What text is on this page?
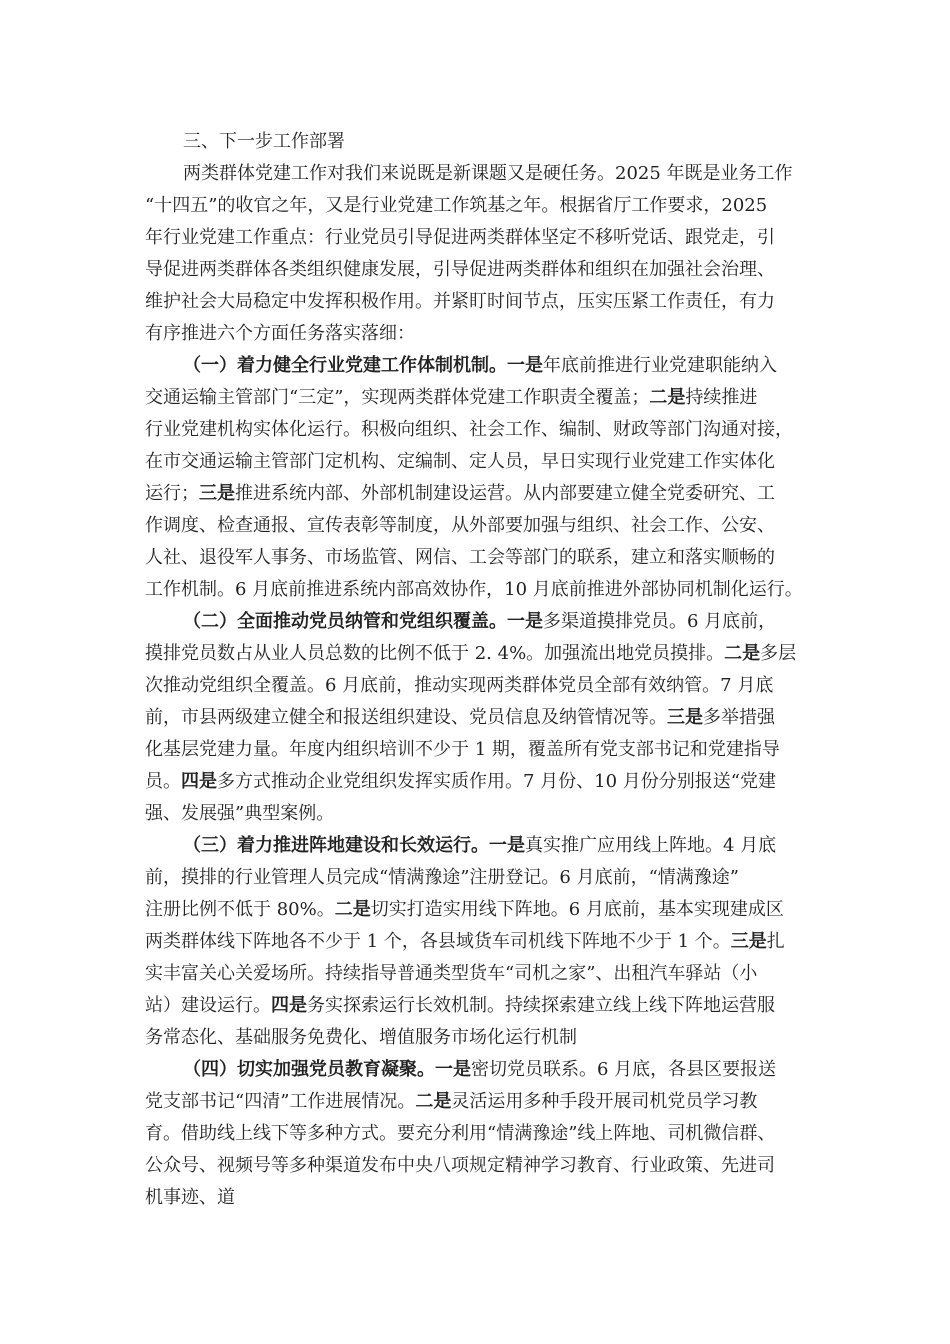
三、下一步工作部署
两类群体党建工作对我们来说既是新课题又是硬任务。2025 年既是业务工作
“十四五”的收官之年，又是行业党建工作筑基之年。根据省厅工作要求，2025
年行业党建工作重点：行业党员引导促进两类群体坚定不移听党话、跟党走，引
导促进两类群体各类组织健康发展，引导促进两类群体和组织在加强社会治理、
维护社会大局稳定中发挥积极作用。并紧盯时间节点，压实压紧工作责任，有力
有序推进六个方面任务落实落细：
（一）着力健全行业党建工作体制机制。一是年底前推进行业党建职能纳入
交通运输主管部门“三定”，实现两类群体党建工作职责全覆盖；二是持续推进
行业党建机构实体化运行。积极向组织、社会工作、编制、财政等部门沟通对接，
在市交通运输主管部门定机构、定编制、定人员，早日实现行业党建工作实体化
运行；三是推进系统内部、外部机制建设运营。从内部要建立健全党委研究、工
作调度、检查通报、宣传表彰等制度，从外部要加强与组织、社会工作、公安、
人社、退役军人事务、市场监管、网信、工会等部门的联系，建立和落实顺畅的
工作机制。6 月底前推进系统内部高效协作，10 月底前推进外部协同机制化运行。
（二）全面推动党员纳管和党组织覆盖。一是多渠道摸排党员。6 月底前，
摸排党员数占从业人员总数的比例不低于 2. 4%。加强流出地党员摸排。二是多层
次推动党组织全覆盖。6 月底前，推动实现两类群体党员全部有效纳管。7 月底
前，市县两级建立健全和报送组织建设、党员信息及纳管情况等。三是多举措强
化基层党建力量。年度内组织培训不少于 1 期，覆盖所有党支部书记和党建指导
员。四是多方式推动企业党组织发挥实质作用。7 月份、10 月份分别报送“党建
强、发展强”典型案例。
（三）着力推进阵地建设和长效运行。一是真实推广应用线上阵地。4 月底
前，摸排的行业管理人员完成“情满豫途”注册登记。6 月底前，“情满豫途”
注册比例不低于 80%。二是切实打造实用线下阵地。6 月底前，基本实现建成区
两类群体线下阵地各不少于 1 个，各县域货车司机线下阵地不少于 1 个。三是扎
实丰富关心关爱场所。持续指导普通类型货车“司机之家”、出租汽车驿站（小
站）建设运行。四是务实探索运行长效机制。持续探索建立线上线下阵地运营服
务常态化、基础服务免费化、增值服务市场化运行机制
（四）切实加强党员教育凝聚。一是密切党员联系。6 月底，各县区要报送
党支部书记“四清”工作进展情况。二是灵活运用多种手段开展司机党员学习教
育。借助线上线下等多种方式。要充分利用“情满豫途”线上阵地、司机微信群、
公众号、视频号等多种渠道发布中央八项规定精神学习教育、行业政策、先进司
机事迹、道
